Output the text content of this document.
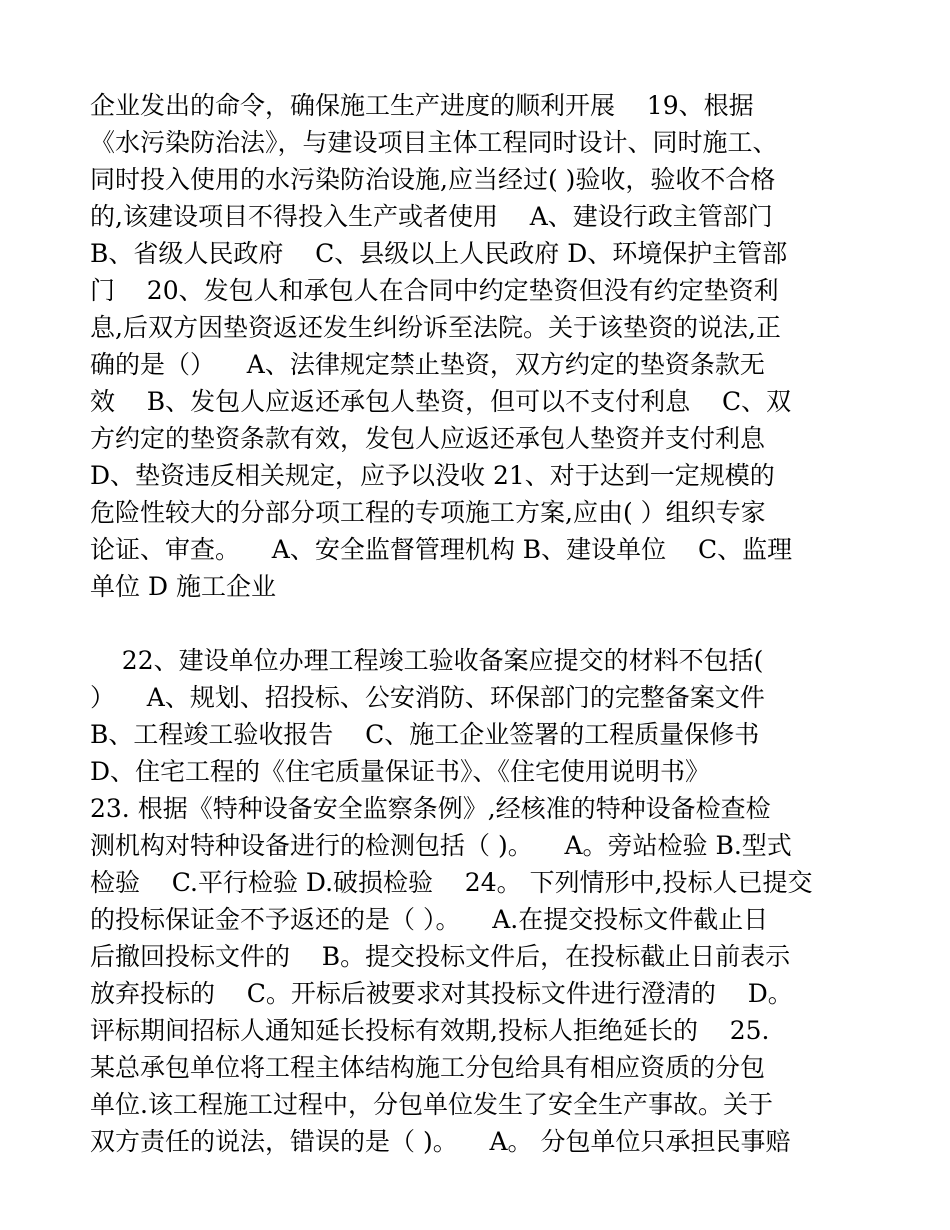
企业发出的命令，确保施工生产进度的顺利开展    19、根据
《水污染防治法》，与建设项目主体工程同时设计、同时施工、
同时投入使用的水污染防治设施,应当经过( )验收，验收不合格
的,该建设项目不得投入生产或者使用    A、建设行政主管部门
B、省级人民政府    C、县级以上人民政府 D、环境保护主管部
门    20、发包人和承包人在合同中约定垫资但没有约定垫资利
息,后双方因垫资返还发生纠纷诉至法院。关于该垫资的说法,正
确的是（）    A、法律规定禁止垫资，双方约定的垫资条款无
效    B、发包人应返还承包人垫资，但可以不支付利息    C、双
方约定的垫资条款有效，发包人应返还承包人垫资并支付利息
D、垫资违反相关规定，应予以没收 21、对于达到一定规模的
危险性较大的分部分项工程的专项施工方案,应由( ）组织专家
论证、审查。    A、安全监督管理机构 B、建设单位    C、监理
单位 D 施工企业
22、建设单位办理工程竣工验收备案应提交的材料不包括(
）    A、规划、招投标、公安消防、环保部门的完整备案文件
B、工程竣工验收报告    C、施工企业签署的工程质量保修书
D、住宅工程的《住宅质量保证书》、《住宅使用说明书》
23. 根据《特种设备安全监察条例》,经核准的特种设备检查检
测机构对特种设备进行的检测包括（ )。    A。旁站检验 B.型式
检验    C.平行检验 D.破损检验    24。 下列情形中,投标人已提交
的投标保证金不予返还的是（ ）。    A.在提交投标文件截止日
后撤回投标文件的    B。提交投标文件后，在投标截止日前表示
放弃投标的    C。开标后被要求对其投标文件进行澄清的    D。
评标期间招标人通知延长投标有效期,投标人拒绝延长的    25.
某总承包单位将工程主体结构施工分包给具有相应资质的分包
单位.该工程施工过程中，分包单位发生了安全生产事故。关于
双方责任的说法，错误的是（ )。    A。 分包单位只承担民事赔
